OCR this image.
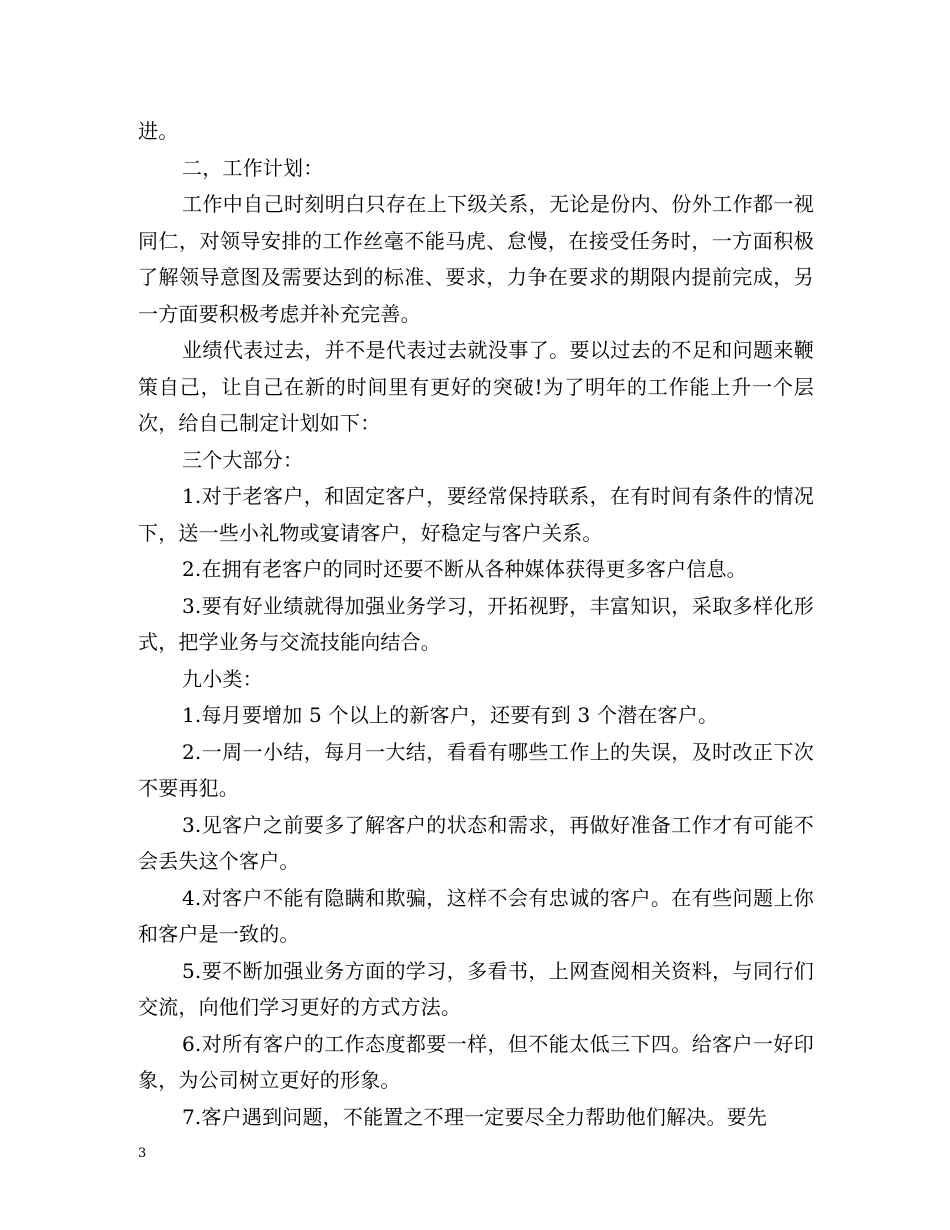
进。

二，工作计划：

工作中自己时刻明白只存在上下级关系，无论是份内、份外工作都一视同仁，对领导安排的工作丝毫不能马虎、怠慢，在接受任务时，一方面积极了解领导意图及需要达到的标准、要求，力争在要求的期限内提前完成，另一方面要积极考虑并补充完善。

业绩代表过去，并不是代表过去就没事了。要以过去的不足和问题来鞭策自己，让自己在新的时间里有更好的突破!为了明年的工作能上升一个层次，给自己制定计划如下：

三个大部分：

1.对于老客户，和固定客户，要经常保持联系，在有时间有条件的情况下，送一些小礼物或宴请客户，好稳定与客户关系。

2.在拥有老客户的同时还要不断从各种媒体获得更多客户信息。

3.要有好业绩就得加强业务学习，开拓视野，丰富知识，采取多样化形式，把学业务与交流技能向结合。

九小类：

1.每月要增加 5 个以上的新客户，还要有到 3 个潜在客户。

2.一周一小结，每月一大结，看看有哪些工作上的失误，及时改正下次不要再犯。

3.见客户之前要多了解客户的状态和需求，再做好准备工作才有可能不会丢失这个客户。

4.对客户不能有隐瞒和欺骗，这样不会有忠诚的客户。在有些问题上你和客户是一致的。

5.要不断加强业务方面的学习，多看书，上网查阅相关资料，与同行们交流，向他们学习更好的方式方法。

6.对所有客户的工作态度都要一样，但不能太低三下四。给客户一好印象，为公司树立更好的形象。

7.客户遇到问题，不能置之不理一定要尽全力帮助他们解决。要先

3
